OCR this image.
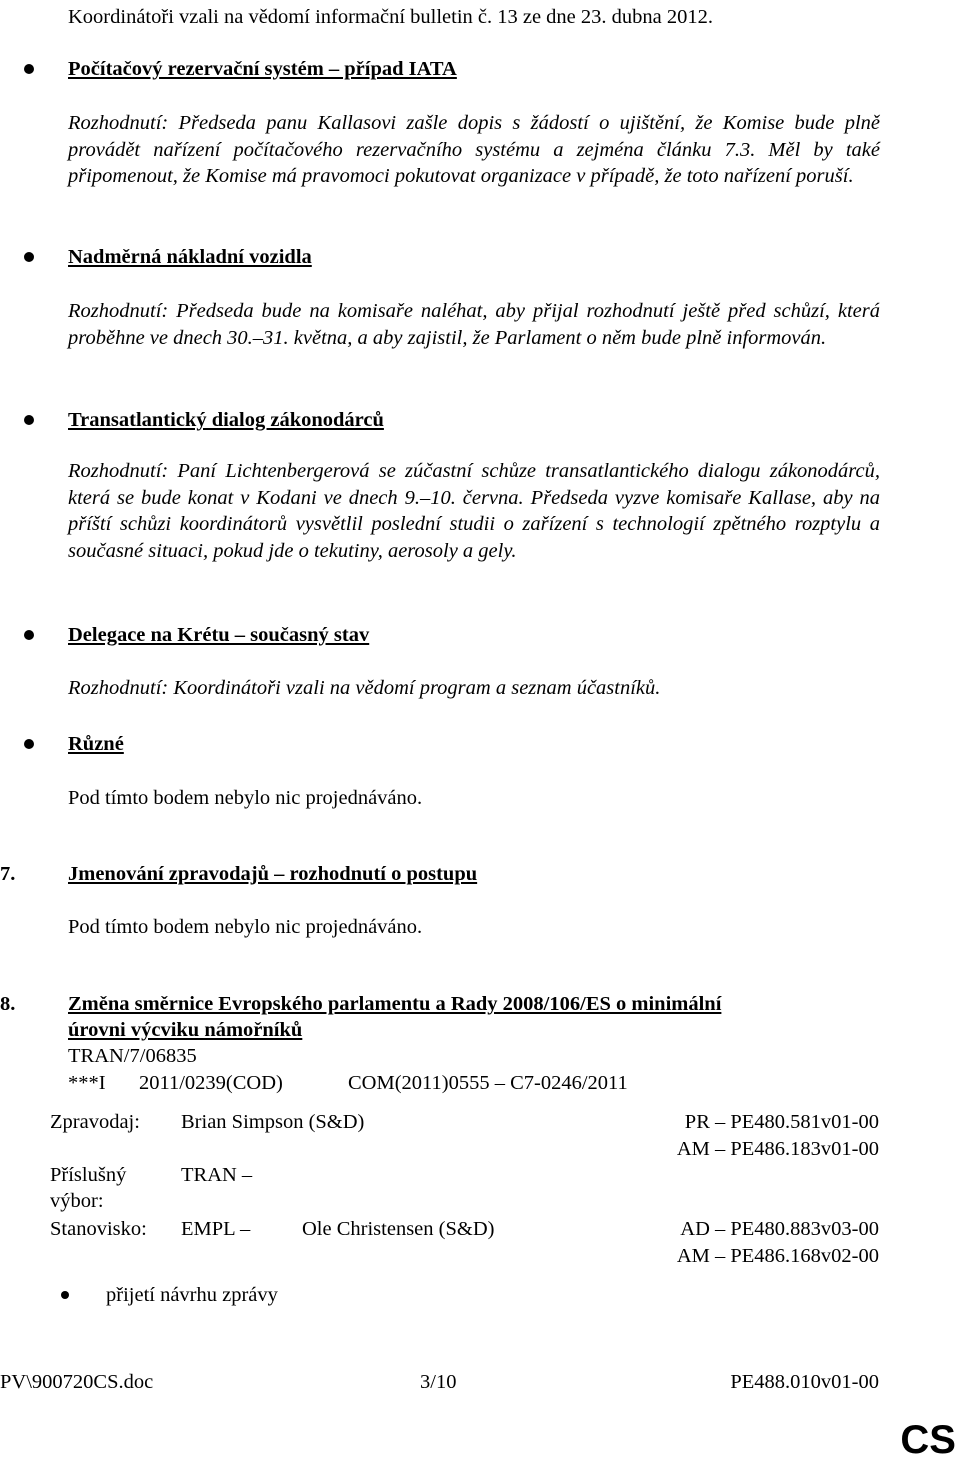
Koordinátoři vzali na vědomí informační bulletin č. 13 ze dne 23. dubna 2012.
Počítačový rezervační systém – případ IATA
Rozhodnutí: Předseda panu Kallasovi zašle dopis s žádostí o ujištění, že Komise bude plně provádět nařízení počítačového rezervačního systému a zejména článku 7.3. Měl by také připomenout, že Komise má pravomoci pokutovat organizace v případě, že toto nařízení poruší.
Nadměrná nákladní vozidla
Rozhodnutí: Předseda bude na komisaře naléhat, aby přijal rozhodnutí ještě před schůzí, která proběhne ve dnech 30.–31. května, a aby zajistil, že Parlament o něm bude plně informován.
Transatlantický dialog zákonodárců
Rozhodnutí: Paní Lichtenbergerová se zúčastní schůze transatlantického dialogu zákonodárců, která se bude konat v Kodani ve dnech 9.–10. června. Předseda vyzve komisaře Kallase, aby na příští schůzi koordinátorů vysvětlil poslední studii o zařízení s technologií zpětného rozptylu a současné situaci, pokud jde o tekutiny, aerosoly a gely.
Delegace na Krétu – současný stav
Rozhodnutí: Koordinátoři vzali na vědomí program a seznam účastníků.
Různé
Pod tímto bodem nebylo nic projednáváno.
7.	Jmenování zpravodajů – rozhodnutí o postupu
Pod tímto bodem nebylo nic projednáváno.
8.	Změna směrnice Evropského parlamentu a Rady 2008/106/ES o minimální
úrovni výcviku námořníků
TRAN/7/06835
***I 2011/0239(COD)	COM(2011)0555 – C7-0246/2011
Zpravodaj: Brian Simpson (S&D)	PR – PE480.581v01-00
AM – PE486.183v01-00
Příslušný
výbor:
TRAN –
Stanovisko: EMPL –	Ole Christensen (S&D)	AD – PE480.883v03-00
AM – PE486.168v02-00
přijetí návrhu zprávy
PV\900720CS.doc	3/10	PE488.010v01-00
CS
